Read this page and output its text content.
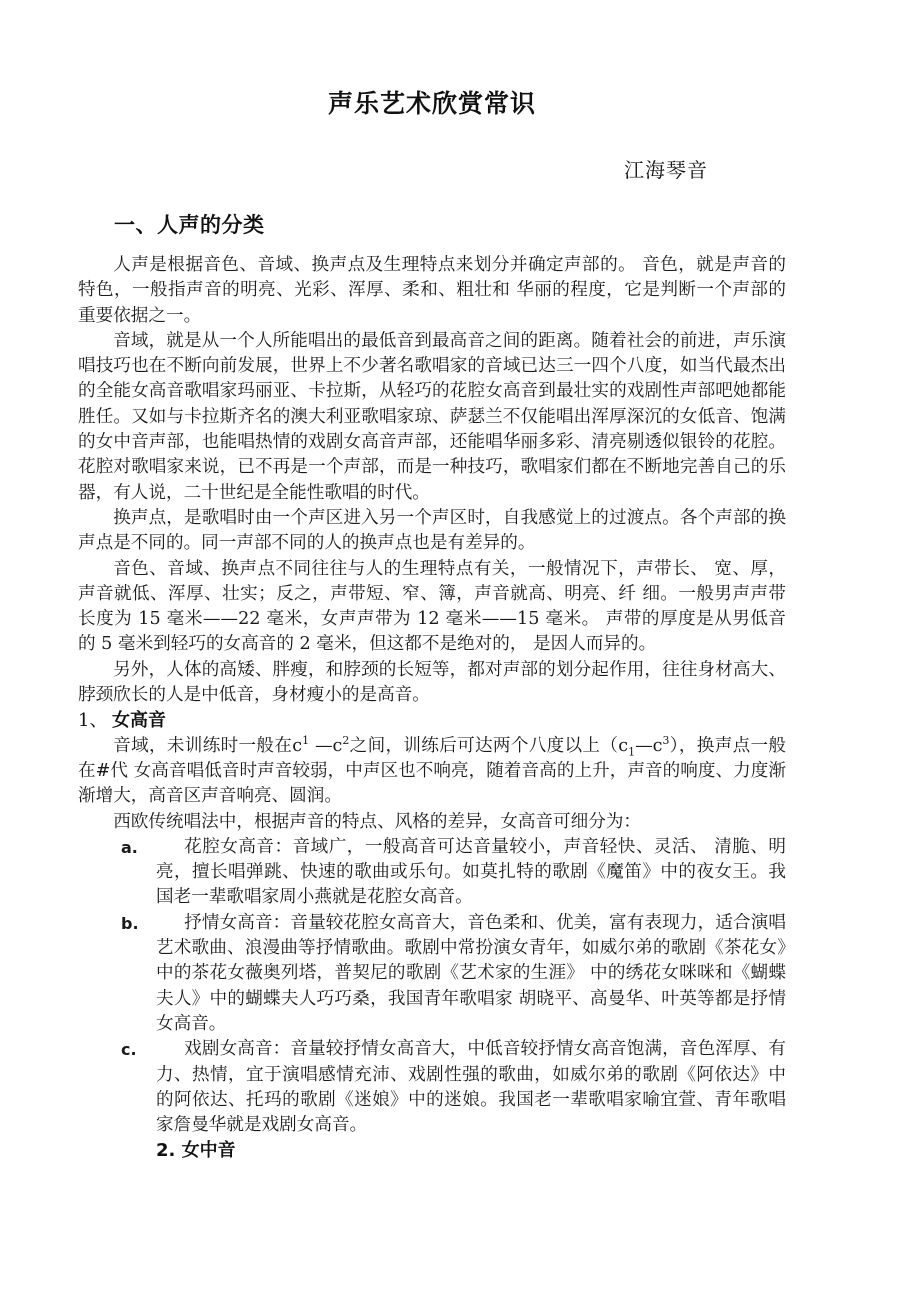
声乐艺术欣赏常识
江海琴音
一、人声的分类

人声是根据音色、音域、换声点及生理特点来划分并确定声部的。 音色，就是声音的特色，一般指声音的明亮、光彩、浑厚、柔和、粗壮和 华丽的程度，它是判断一个声部的重要依据之一。

音域，就是从一个人所能唱出的最低音到最高音之间的距离。随着社会的前进，声乐演唱技巧也在不断向前发展，世界上不少著名歌唱家的音域已达三一四个八度，如当代最杰出的全能女高音歌唱家玛丽亚、卡拉斯，从轻巧的花腔女高音到最壮实的戏剧性声部吧她都能胜任。又如与卡拉斯齐名的澳大利亚歌唱家琼、萨瑟兰不仅能唱出浑厚深沉的女低音、饱满的女中音声部，也能唱热情的戏剧女高音声部，还能唱华丽多彩、清亮剔透似银铃的花腔。花腔对歌唱家来说，已不再是一个声部，而是一种技巧，歌唱家们都在不断地完善自己的乐器，有人说，二十世纪是全能性歌唱的时代。

换声点，是歌唱时由一个声区进入另一个声区时，自我感觉上的过渡点。各个声部的换声点是不同的。同一声部不同的人的换声点也是有差异的。

音色、音域、换声点不同往往与人的生理特点有关，一般情况下，声带长、 宽、厚，声音就低、浑厚、壮实；反之，声带短、窄、簿，声音就高、明亮、纤 细。一般男声声带长度为 15 毫米——22 毫米，女声声带为 12 毫米——15 毫米。 声带的厚度是从男低音的 5 毫米到轻巧的女高音的 2 毫米，但这都不是绝对的， 是因人而异的。

另外，人体的高矮、胖瘦，和脖颈的长短等，都对声部的划分起作用，往往身材高大、脖颈欣长的人是中低音，身材瘦小的是高音。

1、 女高音

音域，未训练时一般在c$^1$ —c$^2$之间，训练后可达两个八度以上$(c_1—c^3)$，换声点一般在#代 女高音唱低音时声音较弱，中声区也不响亮，随着音高的上升，声音的响度、力度渐渐增大，高音区声音响亮、圆润。

西欧传统唱法中，根据声音的特点、风格的差异，女高音可细分为：

a.	花腔女高音：音域广，一般高音可达音量较小，声音轻快、灵活、 清脆、明亮，擅长唱弹跳、快速的歌曲或乐句。如莫扎特的歌剧《魔笛》中的夜女王。我国老一辈歌唱家周小燕就是花腔女高音。
b.	抒情女高音：音量较花腔女高音大，音色柔和、优美，富有表现力，适合演唱艺术歌曲、浪漫曲等抒情歌曲。歌剧中常扮演女青年，如威尔弟的歌剧《茶花女》中的茶花女薇奥列塔，普契尼的歌剧《艺术家的生涯》 中的绣花女咪咪和《蝴蝶夫人》中的蝴蝶夫人巧巧桑，我国青年歌唱家 胡晓平、高曼华、叶英等都是抒情女高音。
c.	戏剧女高音：音量较抒情女高音大，中低音较抒情女高音饱满，音色浑厚、有力、热情，宜于演唱感情充沛、戏剧性强的歌曲，如威尔弟的歌剧《阿依达》中的阿依达、托玛的歌剧《迷娘》中的迷娘。我国老一辈歌唱家喻宜萱、青年歌唱家詹曼华就是戏剧女高音。
2. 女中音
